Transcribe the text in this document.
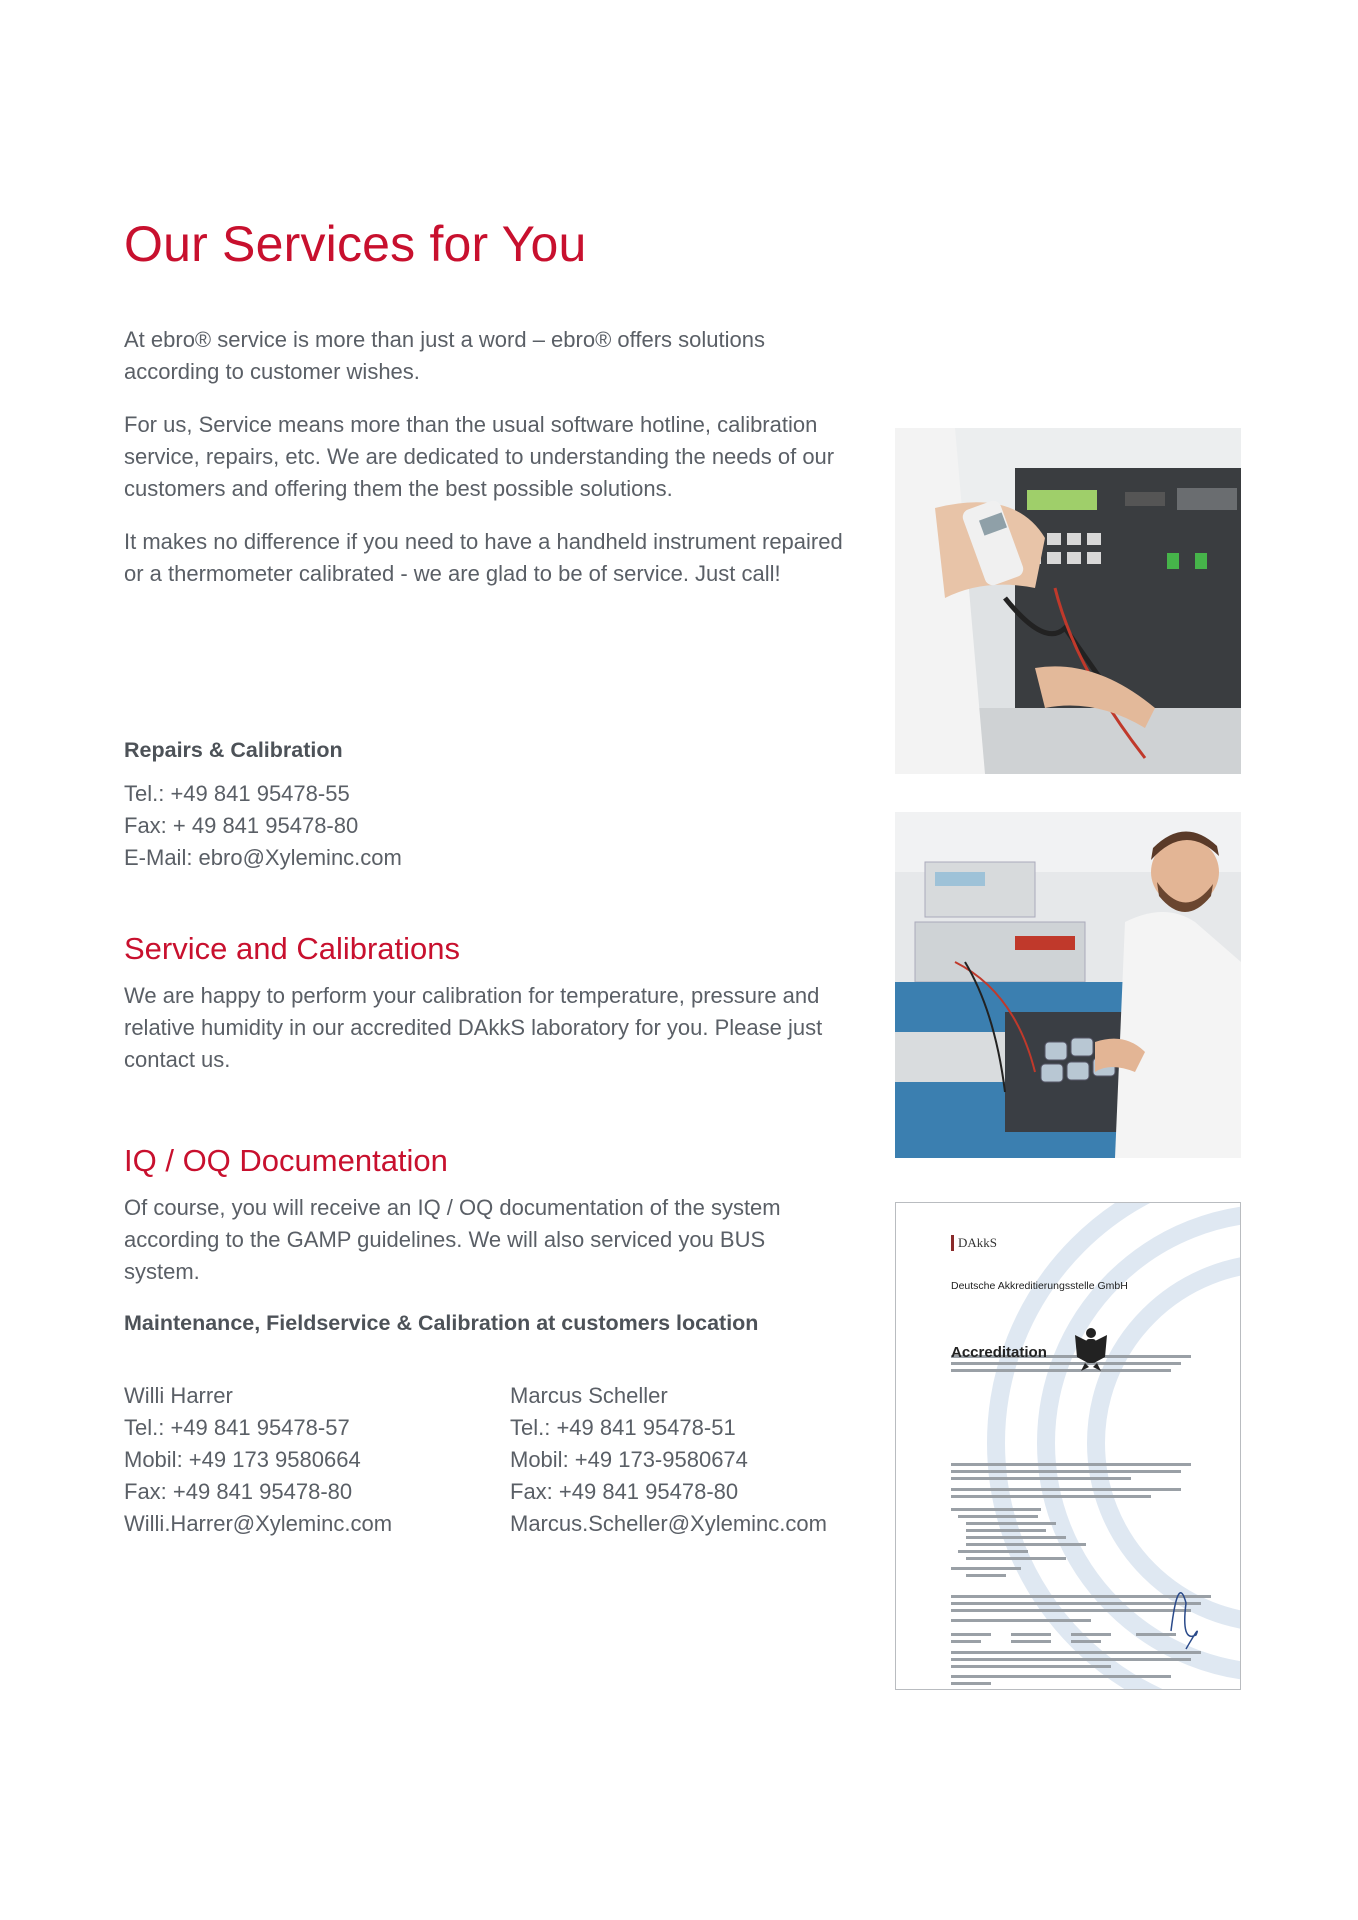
Our Services for You

At ebro® service is more than just a word – ebro® offers solutions according to customer wishes.

For us, Service means more than the usual software hotline, calibration service, repairs, etc. We are dedicated to understanding the needs of our customers and offering them the best possible solutions.

It makes no difference if you need to have a handheld instrument repaired or a thermometer calibrated - we are glad to be of service. Just call!

Repairs & Calibration
Tel.: +49 841 95478-55
Fax: + 49 841 95478-80
E-Mail: ebro@Xyleminc.com
Service and Calibrations

We are happy to perform your calibration for temperature, pressure and relative humidity in our accredited DAkkS laboratory for you. Please just contact us.

IQ / OQ Documentation

Of course, you will receive an IQ / OQ documentation of the system according to the GAMP guidelines. We will also serviced you BUS system.

Maintenance, Fieldservice & Calibration at customers location
Willi Harrer
Tel.: +49 841 95478-57
Mobil: +49 173 9580664
Fax: +49 841 95478-80
Willi.Harrer@Xyleminc.com
Marcus Scheller
Tel.: +49 841 95478-51
Mobil: +49 173-9580674
Fax: +49 841 95478-80
Marcus.Scheller@Xyleminc.com
DAkkS
Deutsche Akkreditierungsstelle GmbH
Accreditation
